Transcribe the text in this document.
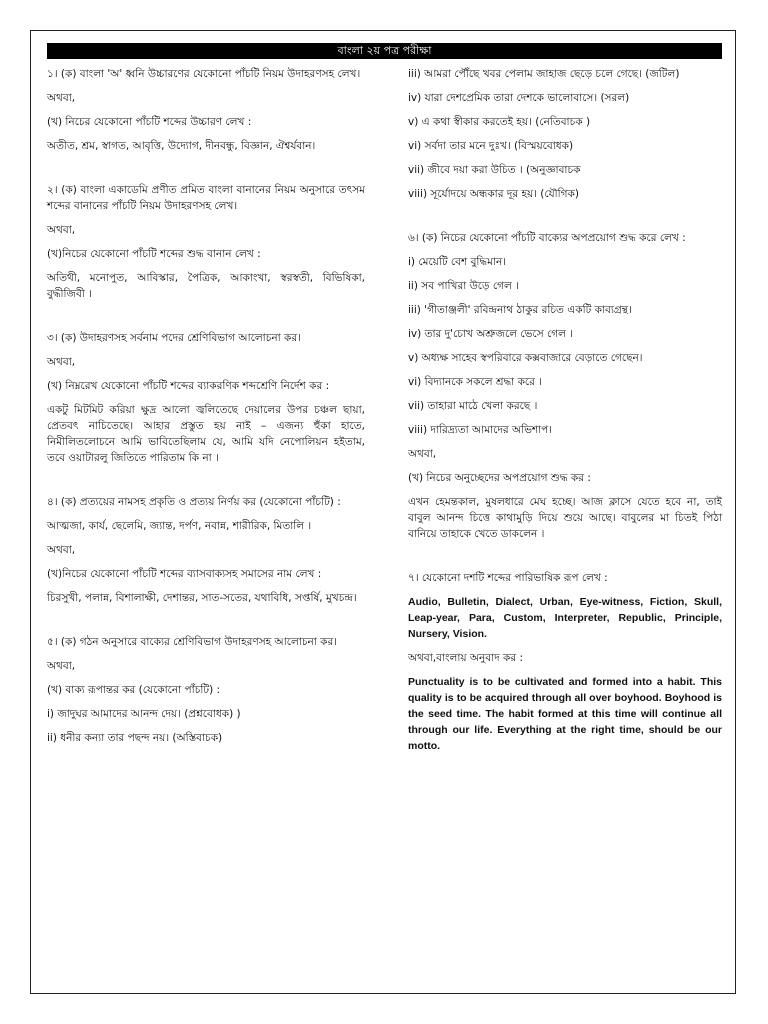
বাংলা ২য় পত্র পরীক্ষা

১। (ক) বাংলা 'অ' ধ্বনি উচ্চারণের যেকোনো পাঁচটি নিয়ম উদাহরণসহ লেখ।

অথবা,

(খ) নিচের যেকোনো পাঁচটি শব্দের উচ্চারণ লেখ :

অতীত, শ্রম, স্বাগত, আবৃত্তি, উদ্যোগ, দীনবন্ধু, বিজ্ঞান, ঐশ্বর্যবান।

২। (ক) বাংলা একাডেমি প্রণীত প্রমিত বাংলা বানানের নিয়ম অনুসারে তৎসম শব্দের বানানের পাঁচটি নিয়ম উদাহরণসহ লেখ।

অথবা,

(খ)নিচের যেকোনো পাঁচটি শব্দের শুদ্ধ বানান লেখ :

অতিথী, মনোপুত, আবিস্কার, পৈত্রিক, আকাংখা, স্বরস্বতী, বিভিষিকা, বুদ্ধীজিবী ।

৩। (ক) উদাহরণসহ সর্বনাম পদের শ্রেণিবিভাগ আলোচনা কর।

অথবা,

(খ) নিম্নরেখ যেকোনো পাঁচটি শব্দের ব্যাকরণিক শব্দশ্রেণি নির্দেশ কর :

একটু মিটমিট করিয়া ক্ষুদ্র আলো জ্বলিতেছে দেয়ালের উপর চঞ্চল ছায়া, প্রেতবৎ নাচিতেছে। আহার প্রস্তুত হয় নাই – এজন্য হুঁকা হাতে, নিমীলিতলোচনে আমি ভাবিতেছিলাম যে, আমি যদি নেপোলিয়ন হইতাম, তবে ওয়াটারলু জিতিতে পারিতাম কি না ।

৪। (ক) প্রত্যয়ের নামসহ প্রকৃতি ও প্রত্যয় নির্ণয় কর (যেকোনো পাঁচটি) :

আত্মজা, কার্য, ছেলেমি, জ্যান্ত, দর্পণ, নবান্ন, শারীরিক, মিতালি ।

অথবা,

(খ)নিচের যেকোনো পাঁচটি শব্দের ব্যাসবাক্যসহ সমাসের নাম লেখ :

চিরসুখী, পলান্ন, বিশালাক্ষী, দেশান্তর, সাত-সতের, যথাবিধি, সপ্তর্ষি, মুখচন্দ্র।

৫। (ক) গঠন অনুসারে বাক্যের শ্রেণিবিভাগ উদাহরণসহ আলোচনা কর।

অথবা,

(খ) বাক্য রূপান্তর কর (যেকোনো পাঁচটি) :

i) জাদুঘর আমাদের আনন্দ দেয়। (প্রশ্নবোধক) )

ii) ধনীর কন্যা তার পছন্দ নয়। (অস্তিবাচক)

iii) আমরা পৌঁছে খবর পেলাম জাহাজ ছেড়ে চলে গেছে। (জটিল)

iv) যারা দেশপ্রেমিক তারা দেশকে ভালোবাসে। (সরল)

v) এ কথা স্বীকার করতেই হয়। (নেতিবাচক )

vi) সর্বদা তার মনে দুঃখ। (বিস্ময়বোধক)

vii) জীবে দয়া করা উচিত । (অনুজ্ঞাবাচক

viii) সূর্যোদয়ে অন্ধকার দূর হয়। (যৌগিক)

৬। (ক) নিচের যেকোনো পাঁচটি বাক্যের অপপ্রয়োগ শুদ্ধ করে লেখ :

i) মেয়েটি বেশ বুদ্ধিমান।

ii) সব পাখিরা উড়ে গেল ।

iii) 'গীতাঞ্জলী' রবিন্দ্রনাথ ঠাকুর রচিত একটি কাব্যগ্রন্থ।

iv) তার দু'চোখ অশ্রুজলে ভেসে গেল ।

v) অধ্যক্ষ সাহেব স্বপরিবারে কক্সবাজারে বেড়াতে গেছেন।

vi) বিদ্যানকে সকলে শ্রদ্ধা করে ।

vii) তাহারা মাঠে খেলা করছে ।

viii) দারিদ্র্যতা আমাদের অভিশাপ।

অথবা,

(খ) নিচের অনুচ্ছেদের অপপ্রয়োগ শুদ্ধ কর :

এখন হেমন্তকাল, মুষলধারে মেঘ হচ্ছে। আজ ক্লাসে যেতে হবে না, তাই বাবুল আনন্দ চিত্তে কাথামুড়ি দিয়ে শুয়ে আছে। বাবুলের মা চিতই পিঠা বানিয়ে তাহাকে খেতে ডাকলেন ।

৭। যেকোনো দশটি শব্দের পারিভাষিক রূপ লেখ :

Audio, Bulletin, Dialect, Urban, Eye-witness, Fiction, Skull, Leap-year, Para, Custom, Interpreter, Republic, Principle, Nursery, Vision.

অথবা,বাংলায় অনুবাদ কর :

Punctuality is to be cultivated and formed into a habit. This quality is to be acquired through all over boyhood. Boyhood is the seed time. The habit formed at this time will continue all through our life. Everything at the right time, should be our motto.
